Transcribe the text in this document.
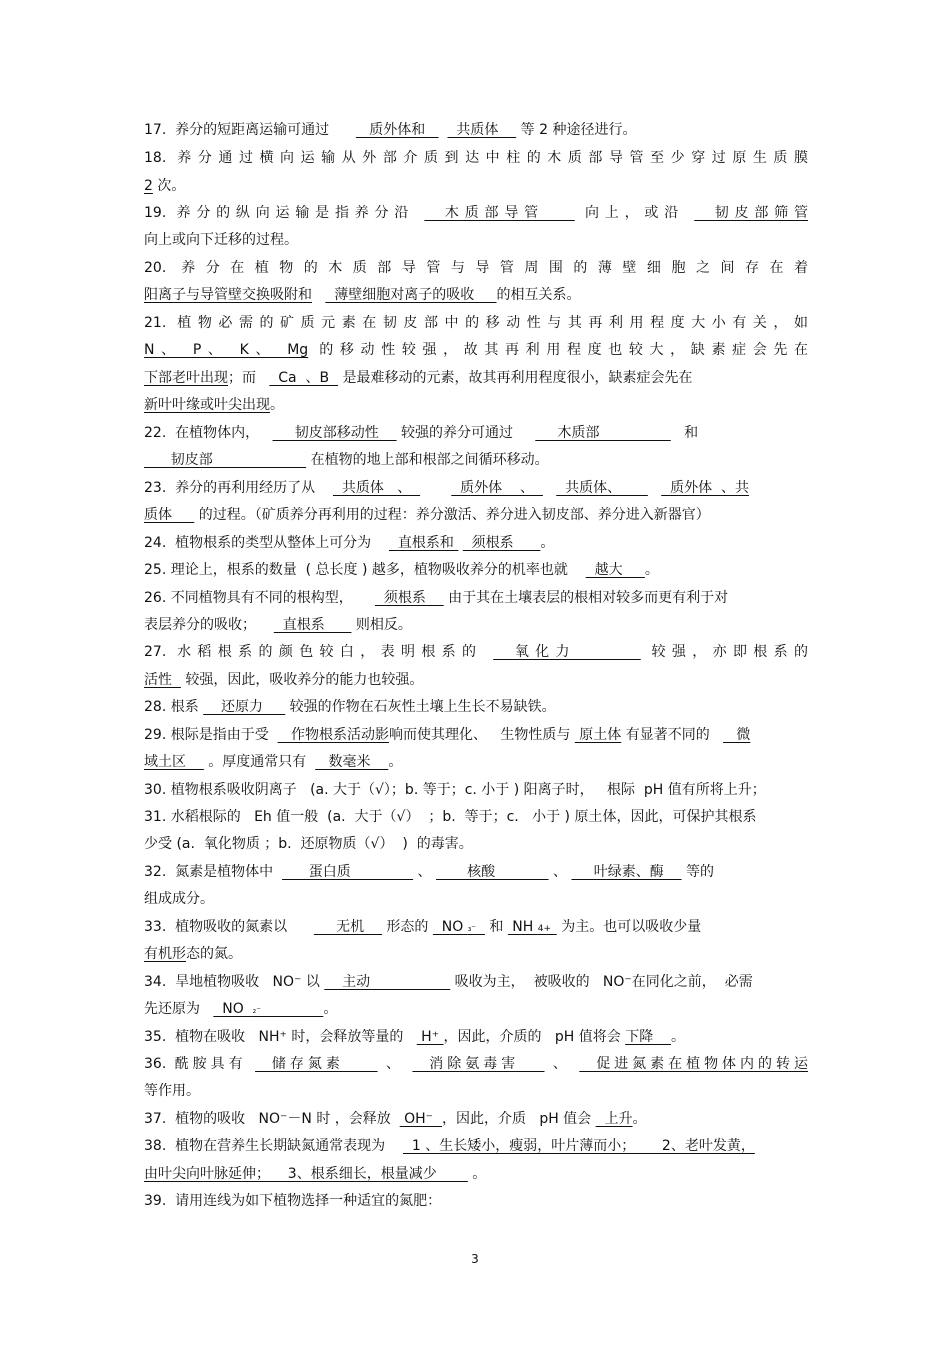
17.  养分的短距离运输可通过         质外体和       共质体     等 2 种途径进行。
18. 养分通过横向运输从外部介质到达中柱的木质部导管至少穿过原生质膜
2 次。
19. 养分的纵向运输是指养分沿   木质部导管    向上，或沿   韧皮部筛管
向上或向下迁移的过程。
20. 养分在植物的木质部导管与导管周围的薄壁细胞之间存在着
阳离子与导管壁交换吸附和     薄壁细胞对离子的吸收     的相互关系。
21. 植物必需的矿质元素在韧皮部中的移动性与其再利用程度大小有关，如
N、 P、 K、 Mg 的移动性较强，故其再利用程度也较大，缺素症会先在
下部老叶出现；而     Ca  、B   是最难移动的元素，故其再利用程度很小，缺素症会先在
新叶叶缘或叶尖出现。
22.  在植物体内，        韧皮部移动性     较强的养分可通过          木质部                   和
韧皮部                      在植物的地上部和根部之间循环移动。
23.  养分的再利用经历了从      共质体   、           质外体    、       共质体、           质外体  、共
质体      的过程。（矿质养分再利用的过程：养分激活、养分进入韧皮部、养分进入新器官）
24.  植物根系的类型从整体上可分为      直根系和    须根系      。
25. 理论上，根系的数量  ( 总长度 ) 越多，植物吸收养分的机率也就      越大     。
26. 不同植物具有不同的根构型，       须根系     由于其在土壤表层的根相对较多而更有利于对
表层养分的吸收；      直根系       则相反。
27. 水稻根系的颜色较白，表明根系的   氧化力       较强，亦即根系的
活性   较强，因此，吸收养分的能力也较强。
28. 根系     还原力      较强的作物在石灰性土壤上生长不易缺铁。
29. 根际是指由于受     作物根系活动影响而使其理化、   生物性质与  原土体 有显著不同的      微
域土区     。厚度通常只有     数毫米    。
30. 植物根系吸收阴离子   (a. 大于（√）；b. 等于；c. 小于 ) 阳离子时，   根际  pH 值有所将上升；
31. 水稻根际的   Eh 值一般  (a.  大于（√）  ；b.  等于；c.   小于 ) 原土体，因此，可保护其根系
少受 (a.  氧化物质 ；b.  还原物质（√）  )  的毒害。
32.  氮素是植物体中        蛋白质               、        核酸             、      叶绿素、酶     等的
组成成分。
33.  植物吸收的氮素以           无机     形态的   NO ₃⁻   和  NH 4+   为主。也可以吸收少量
有机形态的氮。
34.  旱地植物吸收   NO⁻ 以     主动                   吸收为主，  被吸收的   NO⁻在同化之前，  必需
先还原为     NO  ₂⁻	。
35.  植物在吸收   NH⁺ 时，会释放等量的    H⁺ ，因此，介质的   pH 值将会 下降    。
36. 酰胺具有   储存氮素     、   消除氨毒害    、   促进氮素在植物体内的转运
等作用。
37.  植物的吸收   NO⁻－N 时 ，会释放   OH⁻  ，因此，介质   pH 值会   上升。
38.  植物在营养生长期缺氮通常表现为      1 、生长矮小，瘦弱，叶片薄而小；      2、老叶发黄，
由叶尖向叶脉延伸；    3、根系细长，根量减少        。
39.  请用连线为如下植物选择一种适宜的氮肥：
3
